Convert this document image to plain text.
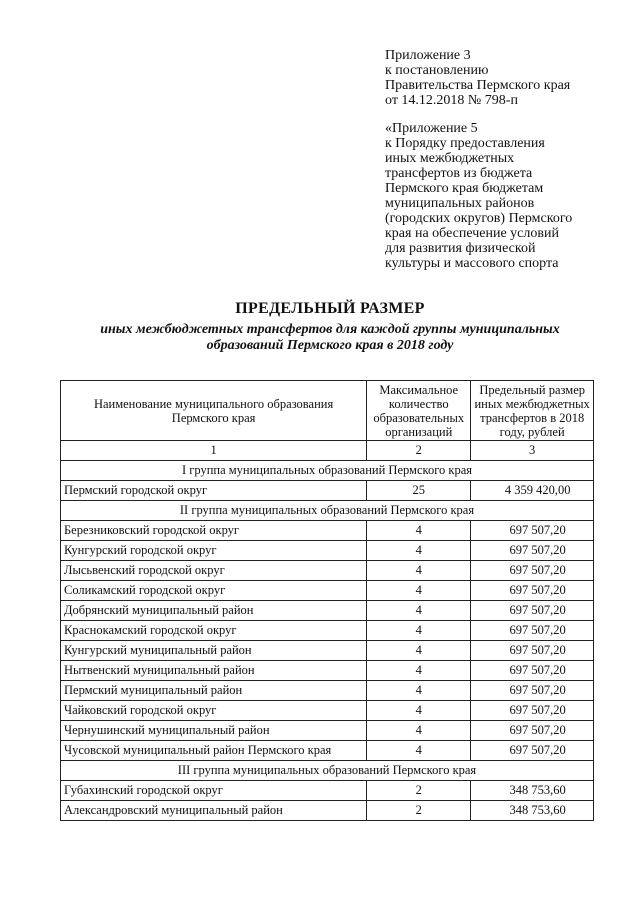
Приложение 3
к постановлению
Правительства Пермского края
от 14.12.2018 № 798-п
«Приложение 5
к Порядку предоставления
иных межбюджетных
трансфертов из бюджета
Пермского края бюджетам
муниципальных районов
(городских округов) Пермского
края на обеспечение условий
для развития физической
культуры и массового спорта
ПРЕДЕЛЬНЫЙ РАЗМЕР
иных межбюджетных трансфертов для каждой группы муниципальных
образований Пермского края в 2018 году
Наименование муниципального образования Пермского края	Максимальное количество образовательных организаций	Предельный размер иных межбюджетных трансфертов в 2018 году, рублей
1	2	3
I группа муниципальных образований Пермского края		
Пермский городской округ	25	4 359 420,00
II группа муниципальных образований Пермского края		
Березниковский городской округ	4	697 507,20
Кунгурский городской округ	4	697 507,20
Лысьвенский городской округ	4	697 507,20
Соликамский городской округ	4	697 507,20
Добрянский муниципальный район	4	697 507,20
Краснокамский городской округ	4	697 507,20
Кунгурский муниципальный район	4	697 507,20
Нытвенский муниципальный район	4	697 507,20
Пермский муниципальный район	4	697 507,20
Чайковский городской округ	4	697 507,20
Чернушинский муниципальный район	4	697 507,20
Чусовской муниципальный район Пермского края	4	697 507,20
III группа муниципальных образований Пермского края		
Губахинский городской округ	2	348 753,60
Александровский муниципальный район	2	348 753,60
